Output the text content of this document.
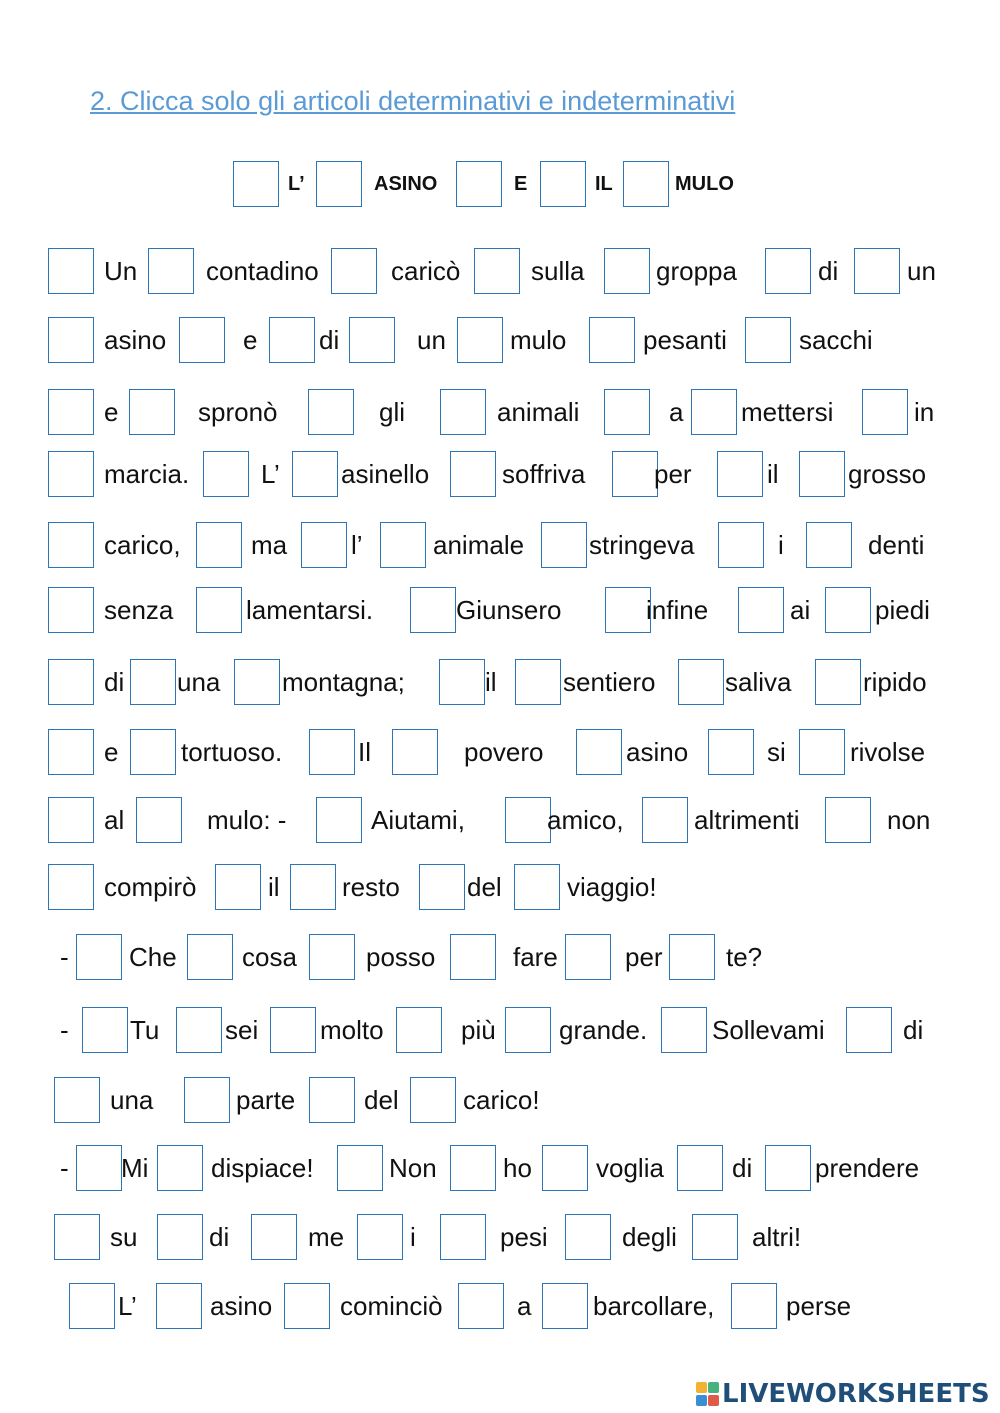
2. Clicca solo gli articoli determinativi e indeterminativi
L’	ASINO	E	IL	MULO
Un	contadino	caricò	sulla	groppa	di	un
asino	e di	un mulo	pesanti	sacchi
e	spronò	gli	animali	a mettersi	in
marcia.	L’ asinello	soffriva	per	il	grosso
carico,	ma l’	animale stringeva	i	denti
senza	lamentarsi.	Giunsero	infine	ai piedi
di una montagna;	il	sentiero	saliva	ripido
e tortuoso.	Il	povero	asino	si rivolse
al	mulo: -	Aiutami,	amico,	altrimenti	non
compirò	il resto	del	viaggio!
- Che	cosa	posso	fare	per te?
- Tu	sei molto	più grande. Sollevami	di
una	parte	del carico!
- Mi dispiace!	Non	ho voglia	di prendere
su	di	me	i	pesi	degli	altri!
L’	asino	cominciò	a barcollare,	perse
LIVEWORKSHEETS
